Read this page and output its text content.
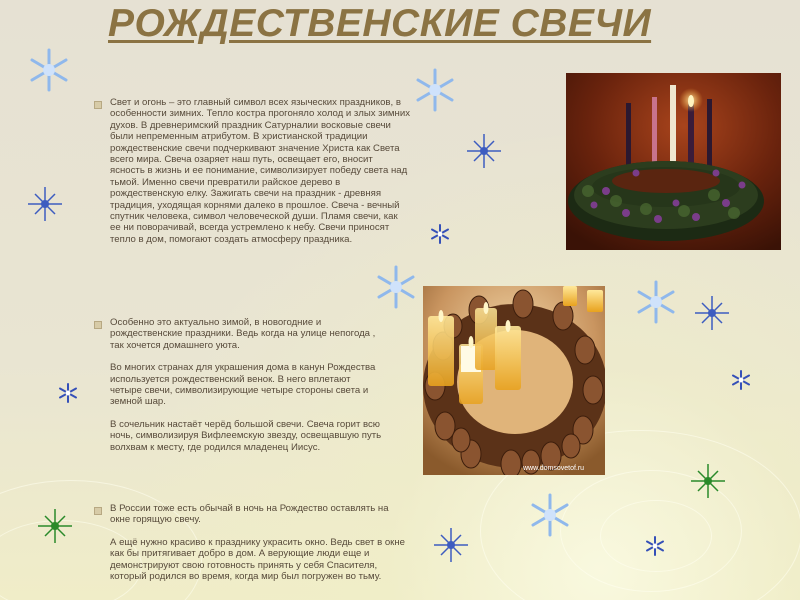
РОЖДЕСТВЕНСКИЕ СВЕЧИ

Свет и огонь – это главный символ всех языческих праздников, в особенности зимних. Тепло костра прогоняло холод и злых зимних духов. В древнеримский праздник Сатурналии восковые свечи были непременным атрибутом. В христианской традиции рождественские свечи подчеркивают значение Христа как Света всего мира. Свеча озаряет наш путь, освещает его, вносит ясность в жизнь и ее понимание, символизирует победу света над тьмой. Именно свечи превратили райское дерево в рождественскую елку. Зажигать свечи на праздник - древняя традиция, уходящая корнями далеко в прошлое. Свеча - вечный спутник человека, символ человеческой души. Пламя свечи, как ее ни поворачивай, всегда устремлено к небу. Свечи приносят тепло в дом, помогают создать атмосферу праздника.

Особенно это актуально зимой, в новогодние и рождественские праздники. Ведь когда на улице непогода , так хочется домашнего уюта.

Во многих странах для украшения дома в канун Рождества используется рождественский венок. В него вплетают четыре свечи, символизирующие четыре стороны света и земной шар.

В сочельник настаёт черёд большой свечи. Свеча горит всю ночь, символизируя Вифлеемскую звезду, освещавшую путь волхвам к месту, где родился младенец Иисус.

В России тоже есть обычай в ночь на Рождество оставлять на окне горящую свечу.

А ещё нужно красиво к празднику украсить окно. Ведь свет в окне как бы притягивает добро в дом. А верующие люди еще и демонстрируют свою готовность принять у себя Спасителя, который родился во время, когда мир был погружен во тьму.

www.domsovetof.ru
